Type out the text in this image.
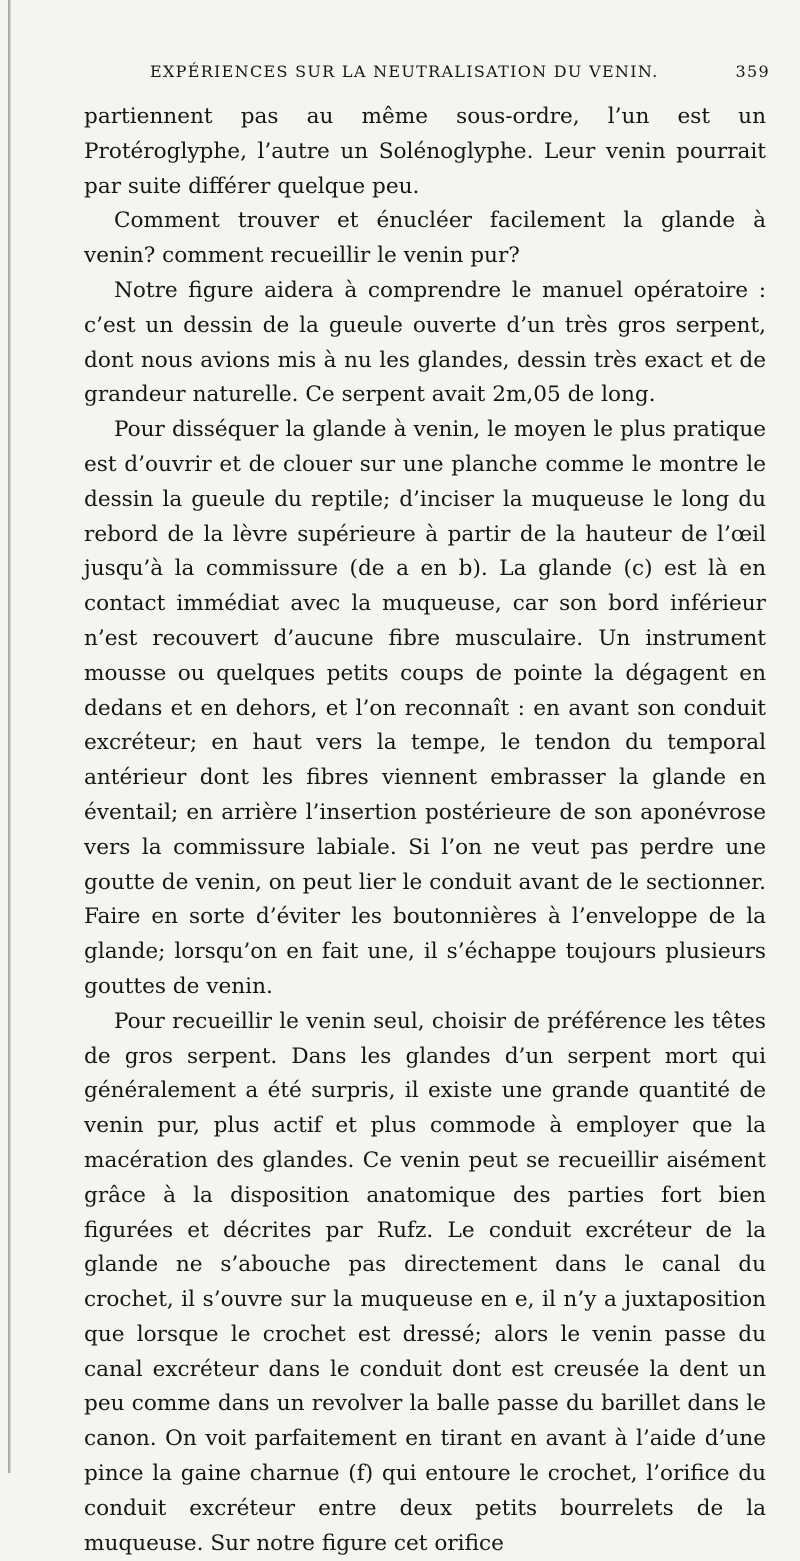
EXPÉRIENCES SUR LA NEUTRALISATION DU VENIN.	359

partiennent pas au même sous-ordre, l’un est un Protéroglyphe, l’autre un Solénoglyphe. Leur venin pourrait par suite différer quelque peu.

Comment trouver et énucléer facilement la glande à venin? comment recueillir le venin pur?

Notre figure aidera à comprendre le manuel opératoire : c’est un dessin de la gueule ouverte d’un très gros serpent, dont nous avions mis à nu les glandes, dessin très exact et de grandeur naturelle. Ce serpent avait 2m,05 de long.

Pour disséquer la glande à venin, le moyen le plus pratique est d’ouvrir et de clouer sur une planche comme le montre le dessin la gueule du reptile; d’inciser la muqueuse le long du rebord de la lèvre supérieure à partir de la hauteur de l’œil jusqu’à la commissure (de a en b). La glande (c) est là en contact immédiat avec la muqueuse, car son bord inférieur n’est recouvert d’aucune fibre musculaire. Un instrument mousse ou quelques petits coups de pointe la dégagent en dedans et en dehors, et l’on reconnaît : en avant son conduit excréteur; en haut vers la tempe, le tendon du temporal antérieur dont les fibres viennent embrasser la glande en éventail; en arrière l’insertion postérieure de son aponévrose vers la commissure labiale. Si l’on ne veut pas perdre une goutte de venin, on peut lier le conduit avant de le sectionner. Faire en sorte d’éviter les boutonnières à l’enveloppe de la glande; lorsqu’on en fait une, il s’échappe toujours plusieurs gouttes de venin.

Pour recueillir le venin seul, choisir de préférence les têtes de gros serpent. Dans les glandes d’un serpent mort qui généralement a été surpris, il existe une grande quantité de venin pur, plus actif et plus commode à employer que la macération des glandes. Ce venin peut se recueillir aisément grâce à la disposition anatomique des parties fort bien figurées et décrites par Rufz. Le conduit excréteur de la glande ne s’abouche pas directement dans le canal du crochet, il s’ouvre sur la muqueuse en e, il n’y a juxtaposition que lorsque le crochet est dressé; alors le venin passe du canal excréteur dans le conduit dont est creusée la dent un peu comme dans un revolver la balle passe du barillet dans le canon. On voit parfaitement en tirant en avant à l’aide d’une pince la gaine charnue (f) qui entoure le crochet, l’orifice du conduit excréteur entre deux petits bourrelets de la muqueuse. Sur notre figure cet orifice
